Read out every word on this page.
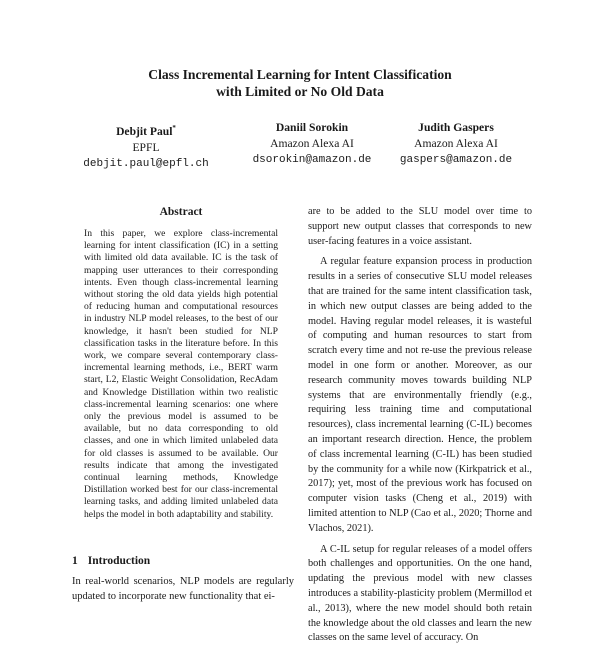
Class Incremental Learning for Intent Classification
with Limited or No Old Data
Debjit Paul*
EPFL
debjit.paul@epfl.ch
Daniil Sorokin
Amazon Alexa AI
dsorokin@amazon.de
Judith Gaspers
Amazon Alexa AI
gaspers@amazon.de
Abstract
In this paper, we explore class-incremental learning for intent classification (IC) in a setting with limited old data available. IC is the task of mapping user utterances to their corresponding intents. Even though class-incremental learning without storing the old data yields high potential of reducing human and computational resources in industry NLP model releases, to the best of our knowledge, it hasn't been studied for NLP classification tasks in the literature before. In this work, we compare several contemporary class-incremental learning methods, i.e., BERT warm start, L2, Elastic Weight Consolidation, RecAdam and Knowledge Distillation within two realistic class-incremental learning scenarios: one where only the previous model is assumed to be available, but no data corresponding to old classes, and one in which limited unlabeled data for old classes is assumed to be available. Our results indicate that among the investigated continual learning methods, Knowledge Distillation worked best for our class-incremental learning tasks, and adding limited unlabeled data helps the model in both adaptability and stability.
1 Introduction
In real-world scenarios, NLP models are regularly updated to incorporate new functionality that ei-

are to be added to the SLU model over time to support new output classes that corresponds to new user-facing features in a voice assistant.

A regular feature expansion process in production results in a series of consecutive SLU model releases that are trained for the same intent classification task, in which new output classes are being added to the model. Having regular model releases, it is wasteful of computing and human resources to start from scratch every time and not re-use the previous release model in one form or another. Moreover, as our research community moves towards building NLP systems that are environmentally friendly (e.g., requiring less training time and computational resources), class incremental learning (C-IL) becomes an important research direction. Hence, the problem of class incremental learning (C-IL) has been studied by the community for a while now (Kirkpatrick et al., 2017); yet, most of the previous work has focused on computer vision tasks (Cheng et al., 2019) with limited attention to NLP (Cao et al., 2020; Thorne and Vlachos, 2021).

A C-IL setup for regular releases of a model offers both challenges and opportunities. On the one hand, updating the previous model with new classes introduces a stability-plasticity problem (Mermillod et al., 2013), where the new model should both retain the knowledge about the old classes and learn the new classes on the same level of accuracy. On
